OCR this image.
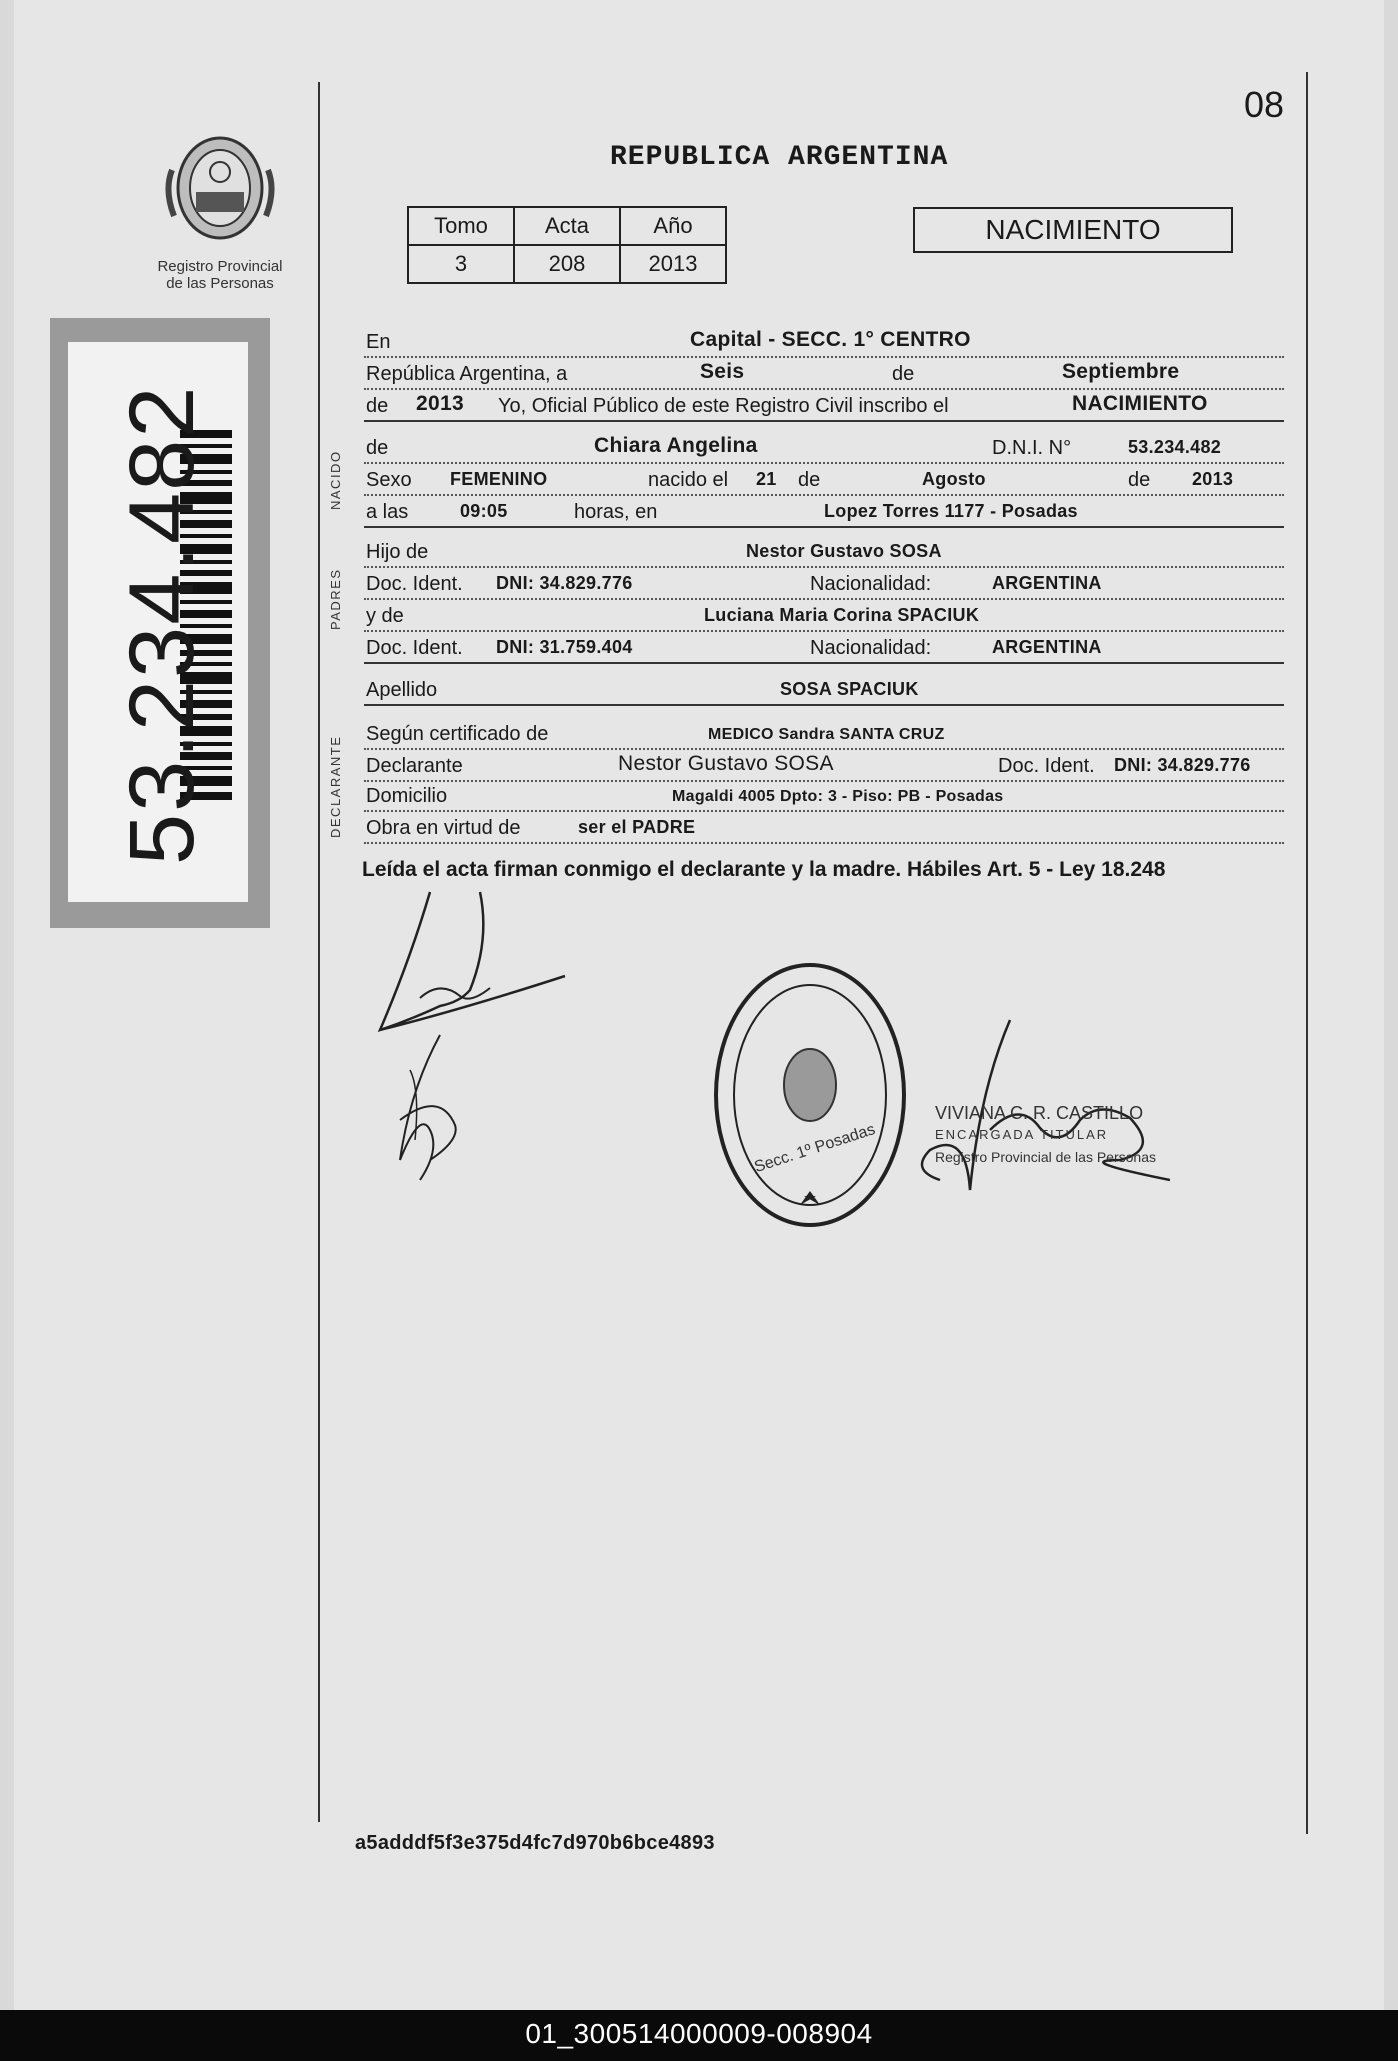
01_300514000009-008904
08
REPUBLICA ARGENTINA
Registro Provincial
de las Personas
53.234.482
Tomo	Acta	Año
3	208	2013
NACIMIENTO
En	Capital - SECC. 1° CENTRO
República Argentina, a	Seis	de	Septiembre
de 2013 Yo, Oficial Público de este Registro Civil inscribo el	NACIMIENTO
NACIDO
de	Chiara Angelina	D.N.I. N°	53.234.482
Sexo FEMENINO	nacido el 21 de	Agosto	de 2013
a las	09:05	horas, en	Lopez Torres 1177 - Posadas
PADRES
Hijo de	Nestor Gustavo SOSA
Doc. Ident. DNI: 34.829.776	Nacionalidad:	ARGENTINA
y de	Luciana Maria Corina SPACIUK
Doc. Ident. DNI: 31.759.404	Nacionalidad:	ARGENTINA
Apellido	SOSA SPACIUK
DECLARANTE
Según certificado de	MEDICO Sandra SANTA CRUZ
Declarante	Nestor Gustavo SOSA	Doc. Ident. DNI: 34.829.776
Domicilio	Magaldi 4005 Dpto: 3 - Piso: PB - Posadas
Obra en virtud de	ser el PADRE
Leída el acta firman conmigo el declarante y la madre. Hábiles Art. 5 - Ley 18.248
Secc. 1º Posadas
VIVIANA C. R. CASTILLO
ENCARGADA TITULAR
Registro Provincial de las Personas
a5adddf5f3e375d4fc7d970b6bce4893
